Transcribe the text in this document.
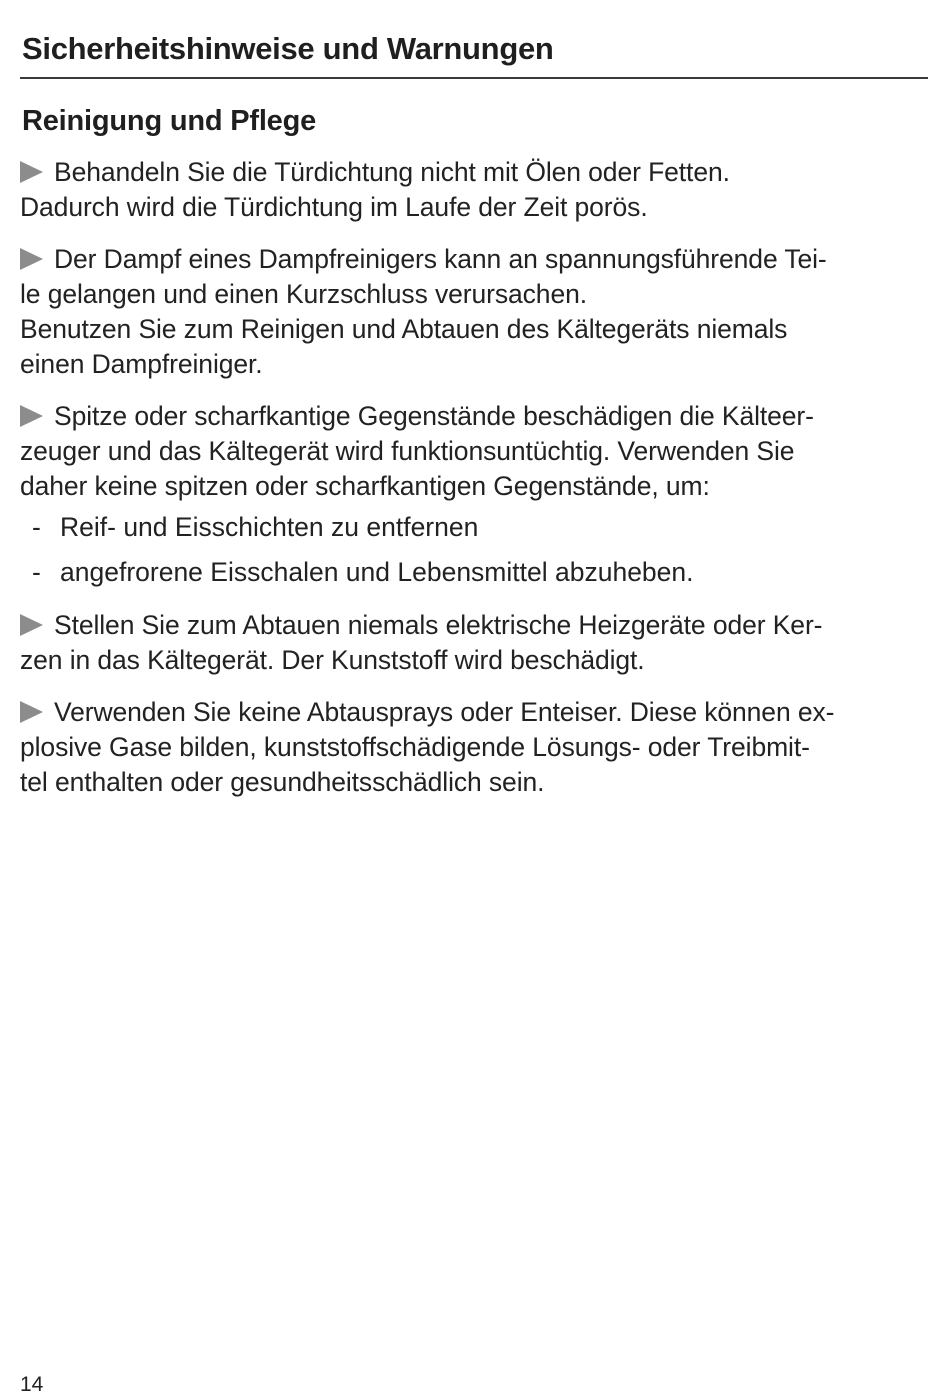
Sicherheitshinweise und Warnungen
Reinigung und Pflege

Behandeln Sie die Türdichtung nicht mit Ölen oder Fetten.
Dadurch wird die Türdichtung im Laufe der Zeit porös.

Der Dampf eines Dampfreinigers kann an spannungsführende Tei-
le gelangen und einen Kurzschluss verursachen.
Benutzen Sie zum Reinigen und Abtauen des Kältegeräts niemals
einen Dampfreiniger.

Spitze oder scharfkantige Gegenstände beschädigen die Kälteer-
zeuger und das Kältegerät wird funktionsuntüchtig. Verwenden Sie
daher keine spitzen oder scharfkantigen Gegenstände, um:

- Reif- und Eisschichten zu entfernen
- angefrorene Eisschalen und Lebensmittel abzuheben.

Stellen Sie zum Abtauen niemals elektrische Heizgeräte oder Ker-
zen in das Kältegerät. Der Kunststoff wird beschädigt.

Verwenden Sie keine Abtausprays oder Enteiser. Diese können ex-
plosive Gase bilden, kunststoffschädigende Lösungs- oder Treibmit-
tel enthalten oder gesundheitsschädlich sein.

14
